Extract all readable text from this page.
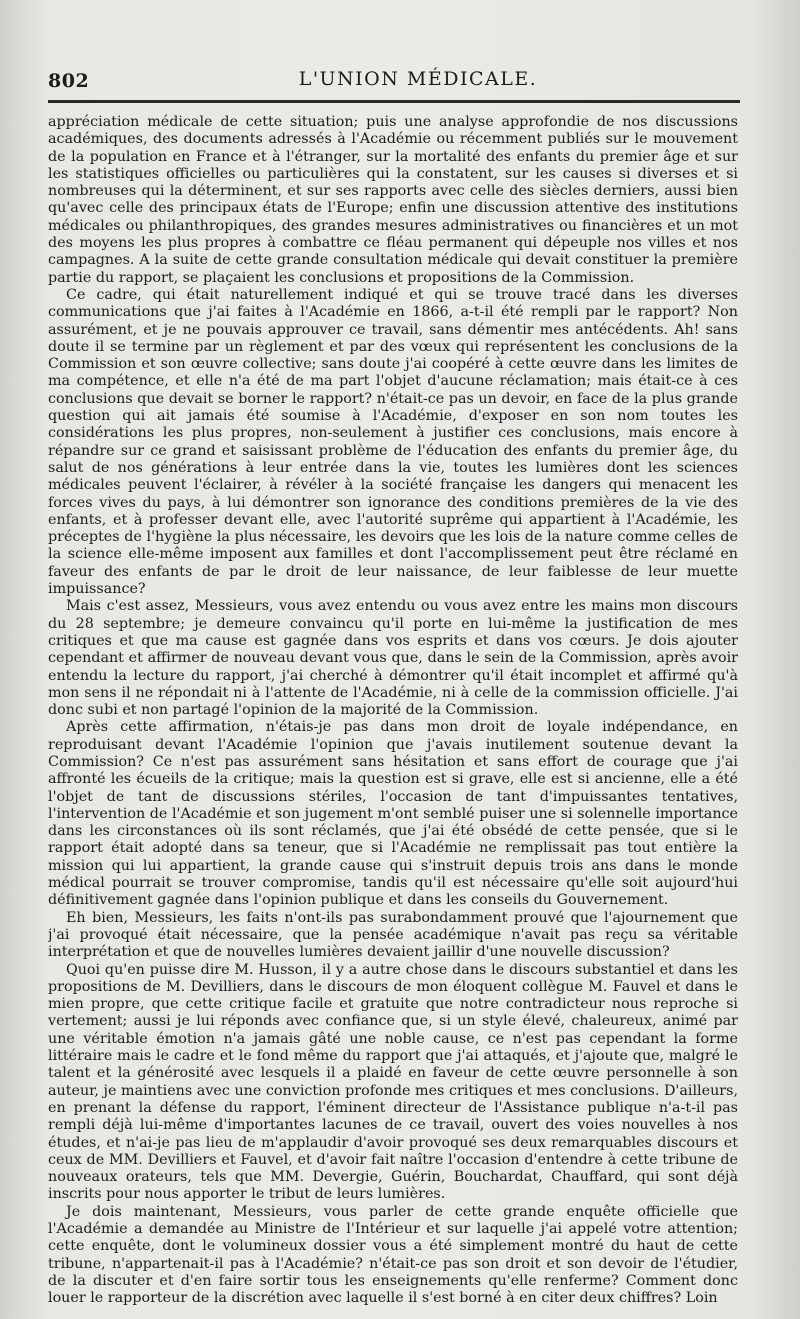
802	L'UNION MÉDICALE.

appréciation médicale de cette situation; puis une analyse approfondie de nos discussions académiques, des documents adressés à l'Académie ou récemment publiés sur le mouvement de la population en France et à l'étranger, sur la mortalité des enfants du premier âge et sur les statistiques officielles ou particulières qui la constatent, sur les causes si diverses et si nombreuses qui la déterminent, et sur ses rapports avec celle des siècles derniers, aussi bien qu'avec celle des principaux états de l'Europe; enfin une discussion attentive des institutions médicales ou philanthropiques, des grandes mesures administratives ou financières et un mot des moyens les plus propres à combattre ce fléau permanent qui dépeuple nos villes et nos campagnes. A la suite de cette grande consultation médicale qui devait constituer la première partie du rapport, se plaçaient les conclusions et propositions de la Commission.

Ce cadre, qui était naturellement indiqué et qui se trouve tracé dans les diverses communications que j'ai faites à l'Académie en 1866, a-t-il été rempli par le rapport? Non assurément, et je ne pouvais approuver ce travail, sans démentir mes antécédents. Ah! sans doute il se termine par un règlement et par des vœux qui représentent les conclusions de la Commission et son œuvre collective; sans doute j'ai coopéré à cette œuvre dans les limites de ma compétence, et elle n'a été de ma part l'objet d'aucune réclamation; mais était-ce à ces conclusions que devait se borner le rapport? n'était-ce pas un devoir, en face de la plus grande question qui ait jamais été soumise à l'Académie, d'exposer en son nom toutes les considérations les plus propres, non-seulement à justifier ces conclusions, mais encore à répandre sur ce grand et saisissant problème de l'éducation des enfants du premier âge, du salut de nos générations à leur entrée dans la vie, toutes les lumières dont les sciences médicales peuvent l'éclairer, à révéler à la société française les dangers qui menacent les forces vives du pays, à lui démontrer son ignorance des conditions premières de la vie des enfants, et à professer devant elle, avec l'autorité suprême qui appartient à l'Académie, les préceptes de l'hygiène la plus nécessaire, les devoirs que les lois de la nature comme celles de la science elle-même imposent aux familles et dont l'accomplissement peut être réclamé en faveur des enfants de par le droit de leur naissance, de leur faiblesse de leur muette impuissance?

Mais c'est assez, Messieurs, vous avez entendu ou vous avez entre les mains mon discours du 28 septembre; je demeure convaincu qu'il porte en lui-même la justification de mes critiques et que ma cause est gagnée dans vos esprits et dans vos cœurs. Je dois ajouter cependant et affirmer de nouveau devant vous que, dans le sein de la Commission, après avoir entendu la lecture du rapport, j'ai cherché à démontrer qu'il était incomplet et affirmé qu'à mon sens il ne répondait ni à l'attente de l'Académie, ni à celle de la commission officielle. J'ai donc subi et non partagé l'opinion de la majorité de la Commission.

Après cette affirmation, n'étais-je pas dans mon droit de loyale indépendance, en reproduisant devant l'Académie l'opinion que j'avais inutilement soutenue devant la Commission? Ce n'est pas assurément sans hésitation et sans effort de courage que j'ai affronté les écueils de la critique; mais la question est si grave, elle est si ancienne, elle a été l'objet de tant de discussions stériles, l'occasion de tant d'impuissantes tentatives, l'intervention de l'Académie et son jugement m'ont semblé puiser une si solennelle importance dans les circonstances où ils sont réclamés, que j'ai été obsédé de cette pensée, que si le rapport était adopté dans sa teneur, que si l'Académie ne remplissait pas tout entière la mission qui lui appartient, la grande cause qui s'instruit depuis trois ans dans le monde médical pourrait se trouver compromise, tandis qu'il est nécessaire qu'elle soit aujourd'hui définitivement gagnée dans l'opinion publique et dans les conseils du Gouvernement.

Eh bien, Messieurs, les faits n'ont-ils pas surabondamment prouvé que l'ajournement que j'ai provoqué était nécessaire, que la pensée académique n'avait pas reçu sa véritable interprétation et que de nouvelles lumières devaient jaillir d'une nouvelle discussion?

Quoi qu'en puisse dire M. Husson, il y a autre chose dans le discours substantiel et dans les propositions de M. Devilliers, dans le discours de mon éloquent collègue M. Fauvel et dans le mien propre, que cette critique facile et gratuite que notre contradicteur nous reproche si vertement; aussi je lui réponds avec confiance que, si un style élevé, chaleureux, animé par une véritable émotion n'a jamais gâté une noble cause, ce n'est pas cependant la forme littéraire mais le cadre et le fond même du rapport que j'ai attaqués, et j'ajoute que, malgré le talent et la générosité avec lesquels il a plaidé en faveur de cette œuvre personnelle à son auteur, je maintiens avec une conviction profonde mes critiques et mes conclusions. D'ailleurs, en prenant la défense du rapport, l'éminent directeur de l'Assistance publique n'a-t-il pas rempli déjà lui-même d'importantes lacunes de ce travail, ouvert des voies nouvelles à nos études, et n'ai-je pas lieu de m'applaudir d'avoir provoqué ses deux remarquables discours et ceux de MM. Devilliers et Fauvel, et d'avoir fait naître l'occasion d'entendre à cette tribune de nouveaux orateurs, tels que MM. Devergie, Guérin, Bouchardat, Chauffard, qui sont déjà inscrits pour nous apporter le tribut de leurs lumières.

Je dois maintenant, Messieurs, vous parler de cette grande enquête officielle que l'Académie a demandée au Ministre de l'Intérieur et sur laquelle j'ai appelé votre attention; cette enquête, dont le volumineux dossier vous a été simplement montré du haut de cette tribune, n'appartenait-il pas à l'Académie? n'était-ce pas son droit et son devoir de l'étudier, de la discuter et d'en faire sortir tous les enseignements qu'elle renferme? Comment donc louer le rapporteur de la discrétion avec laquelle il s'est borné à en citer deux chiffres? Loin
